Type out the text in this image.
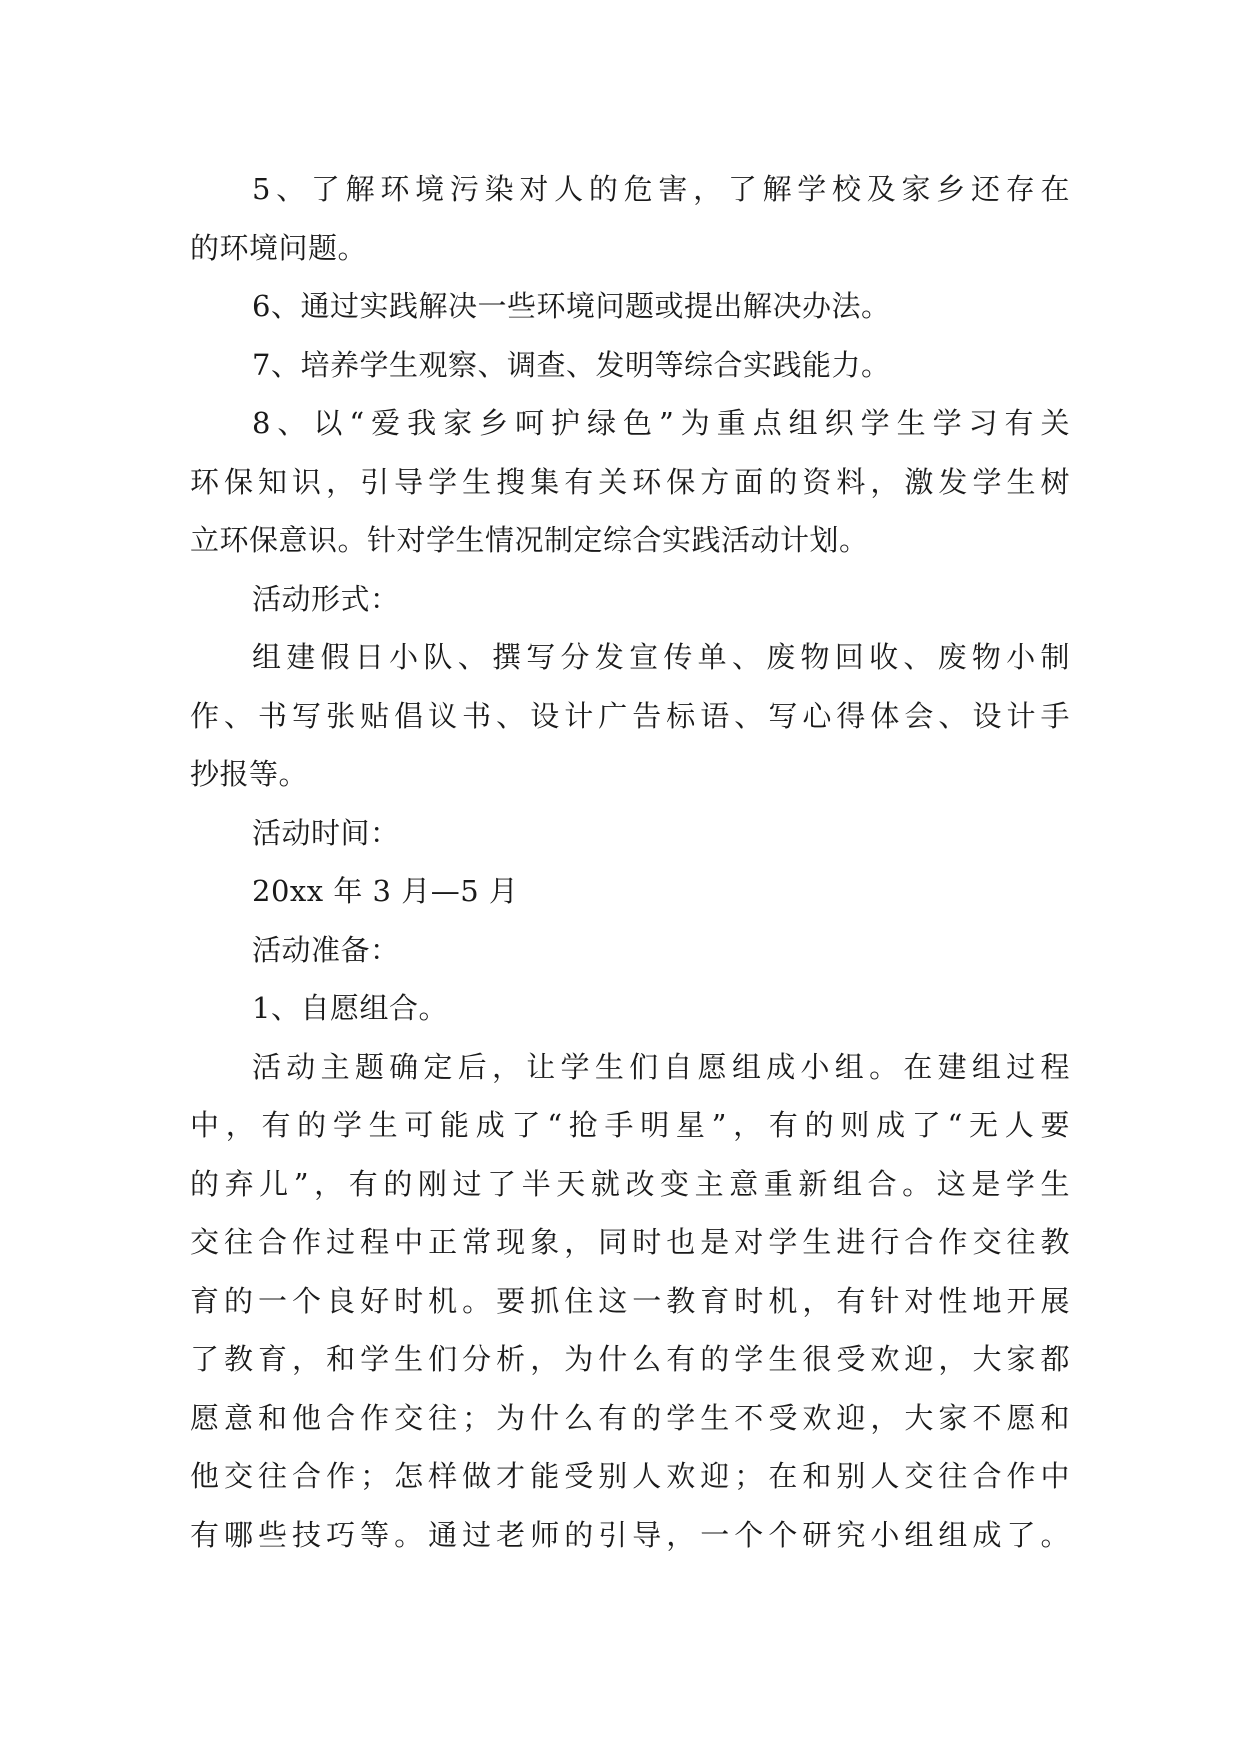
5、了解环境污染对人的危害，了解学校及家乡还存在
的环境问题。
6、通过实践解决一些环境问题或提出解决办法。
7、培养学生观察、调查、发明等综合实践能力。
8、以“爱我家乡呵护绿色”为重点组织学生学习有关
环保知识，引导学生搜集有关环保方面的资料，激发学生树
立环保意识。针对学生情况制定综合实践活动计划。
活动形式：
组建假日小队、撰写分发宣传单、废物回收、废物小制
作、书写张贴倡议书、设计广告标语、写心得体会、设计手
抄报等。
活动时间：
20xx 年 3 月—5 月
活动准备：
1、自愿组合。
活动主题确定后，让学生们自愿组成小组。在建组过程
中，有的学生可能成了“抢手明星”，有的则成了“无人要
的弃儿”，有的刚过了半天就改变主意重新组合。这是学生
交往合作过程中正常现象，同时也是对学生进行合作交往教
育的一个良好时机。要抓住这一教育时机，有针对性地开展
了教育，和学生们分析，为什么有的学生很受欢迎，大家都
愿意和他合作交往；为什么有的学生不受欢迎，大家不愿和
他交往合作；怎样做才能受别人欢迎；在和别人交往合作中
有哪些技巧等。通过老师的引导，一个个研究小组组成了。
